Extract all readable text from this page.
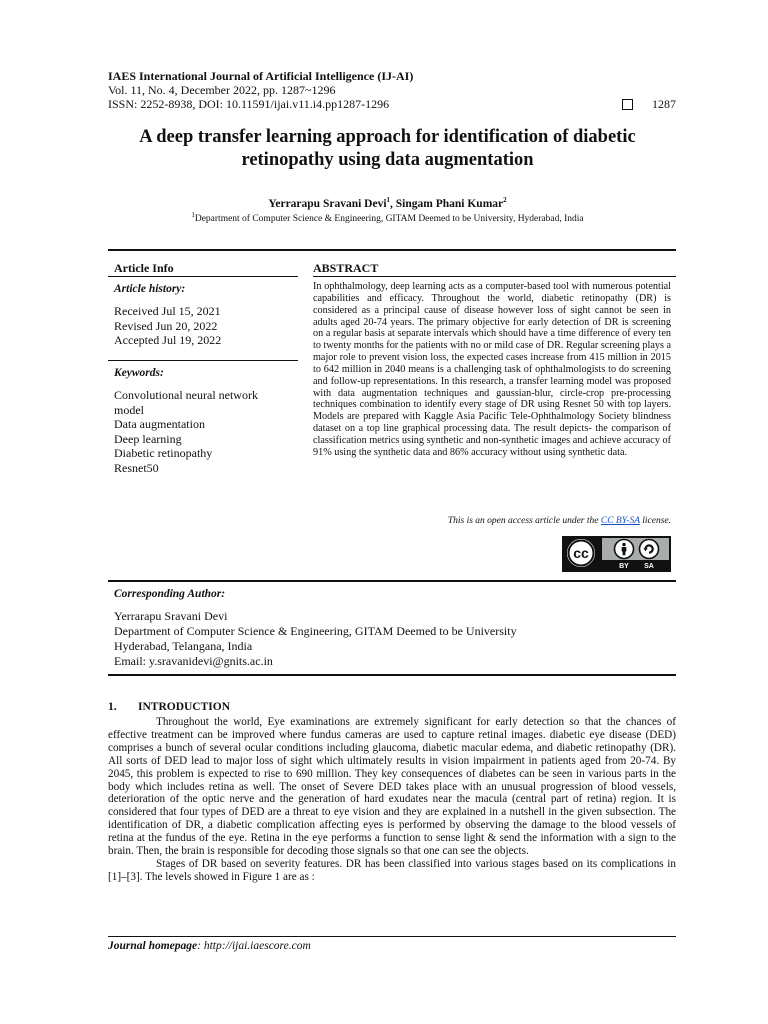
IAES International Journal of Artificial Intelligence (IJ-AI)
Vol. 11, No. 4, December 2022, pp. 1287~1296
ISSN: 2252-8938, DOI: 10.11591/ijai.v11.i4.pp1287-1296	1287
A deep transfer learning approach for identification of diabetic
retinopathy using data augmentation
Yerrarapu Sravani Devi$^1$, Singam Phani Kumar$^2$
$^1$Department of Computer Science & Engineering, GITAM Deemed to be University, Hyderabad, India
Article Info
Article history:
Received Jul 15, 2021
Revised Jun 20, 2022
Accepted Jul 19, 2022
Keywords:
Convolutional neural network
model
Data augmentation
Deep learning
Diabetic retinopathy
Resnet50
ABSTRACT
In ophthalmology, deep learning acts as a computer-based tool with numerous potential capabilities and efficacy. Throughout the world, diabetic retinopathy (DR) is considered as a principal cause of disease however loss of sight cannot be seen in adults aged 20-74 years. The primary objective for early detection of DR is screening on a regular basis at separate intervals which should have a time difference of every ten to twenty months for the patients with no or mild case of DR. Regular screening plays a major role to prevent vision loss, the expected cases increase from 415 million in 2015 to 642 million in 2040 means is a challenging task of ophthalmologists to do screening and follow-up representations. In this research, a transfer learning model was proposed with data augmentation techniques and gaussian-blur, circle-crop pre-processing techniques combination to identify every stage of DR using Resnet 50 with top layers. Models are prepared with Kaggle Asia Pacific Tele-Ophthalmology Society blindness dataset on a top line graphical processing data. The result depicts- the comparison of classification metrics using synthetic and non-synthetic images and achieve accuracy of 91% using the synthetic data and 86% accuracy without using synthetic data.
This is an open access article under the CC BY-SA license.
cc
BY SA
Corresponding Author:
Yerrarapu Sravani Devi
Department of Computer Science & Engineering, GITAM Deemed to be University
Hyderabad, Telangana, India
Email: y.sravanidevi@gnits.ac.in
1. INTRODUCTION

Throughout the world, Eye examinations are extremely significant for early detection so that the chances of effective treatment can be improved where fundus cameras are used to capture retinal images. diabetic eye disease (DED) comprises a bunch of several ocular conditions including glaucoma, diabetic macular edema, and diabetic retinopathy (DR). All sorts of DED lead to major loss of sight which ultimately results in vision impairment in patients aged from 20-74. By 2045, this problem is expected to rise to 690 million. They key consequences of diabetes can be seen in various parts in the body which includes retina as well. The onset of Severe DED takes place with an unusual progression of blood vessels, deterioration of the optic nerve and the generation of hard exudates near the macula (central part of retina) region. It is considered that four types of DED are a threat to eye vision and they are explained in a nutshell in the given subsection. The identification of DR, a diabetic complication affecting eyes is performed by observing the damage to the blood vessels of retina at the fundus of the eye. Retina in the eye performs a function to sense light & send the information with a sign to the brain. Then, the brain is responsible for decoding those signals so that one can see the objects.

Stages of DR based on severity features. DR has been classified into various stages based on its complications in [1]–[3]. The levels showed in Figure 1 are as :

Journal homepage: http://ijai.iaescore.com
